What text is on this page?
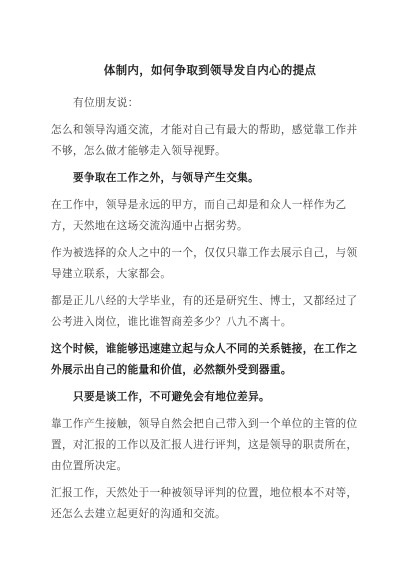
体制内，如何争取到领导发自内心的提点

有位朋友说：

怎么和领导沟通交流，才能对自己有最大的帮助，感觉靠工作并不够，怎么做才能够走入领导视野。

要争取在工作之外，与领导产生交集。

在工作中，领导是永远的甲方，而自己却是和众人一样作为乙方，天然地在这场交流沟通中占据劣势。

作为被选择的众人之中的一个，仅仅只靠工作去展示自己，与领导建立联系，大家都会。

都是正儿八经的大学毕业，有的还是研究生、博士，又都经过了公考进入岗位，谁比谁智商差多少？八九不离十。

这个时候，谁能够迅速建立起与众人不同的关系链接，在工作之外展示出自己的能量和价值，必然额外受到器重。

只要是谈工作，不可避免会有地位差异。

靠工作产生接触，领导自然会把自己带入到一个单位的主管的位置，对汇报的工作以及汇报人进行评判，这是领导的职责所在，由位置所决定。

汇报工作，天然处于一种被领导评判的位置，地位根本不对等，还怎么去建立起更好的沟通和交流。
